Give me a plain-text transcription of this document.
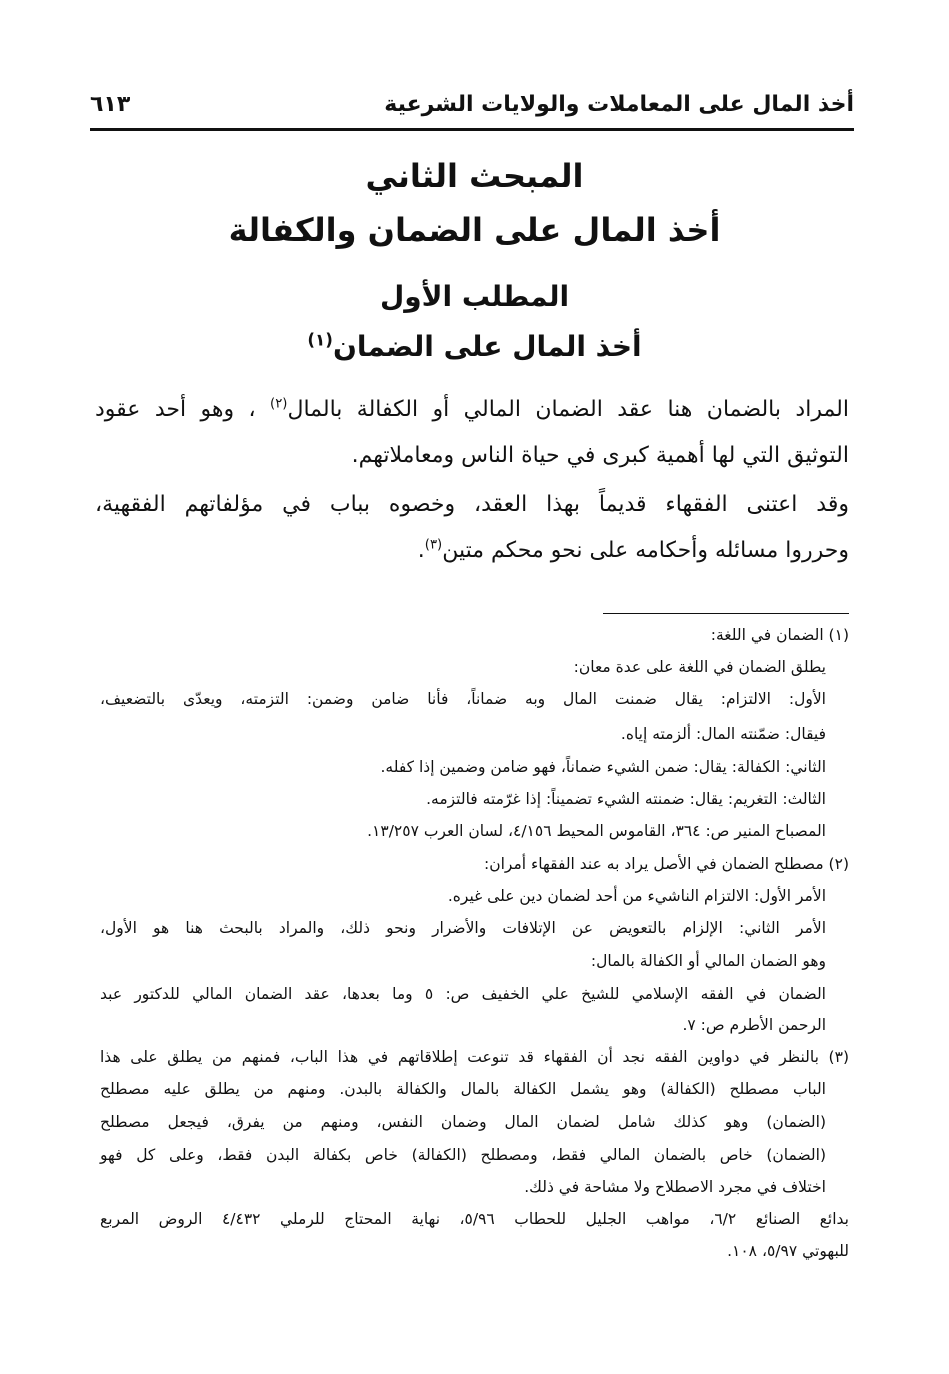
أخذ المال على المعاملات والولايات الشرعية
٦١٣
المبحث الثاني
أخذ المال على الضمان والكفالة
المطلب الأول
أخذ المال على الضمان$^{(١)}$
المراد بالضمان هنا عقد الضمان المالي أو الكفالة بالمال$^{(٢)}$ ، وهو أحد عقود
التوثيق التي لها أهمية كبرى في حياة الناس ومعاملاتهم.
وقد اعتنى الفقهاء قديماً بهذا العقد، وخصوه بباب في مؤلفاتهم الفقهية،
وحرروا مسائله وأحكامه على نحو محكم متين$^{(٣)}$.
(١) الضمان في اللغة:
يطلق الضمان في اللغة على عدة معان:
الأول: الالتزام: يقال ضمنت المال وبه ضماناً، فأنا ضامن وضمن: التزمته، ويعدّى بالتضعيف،
فيقال: ضمّنته المال: ألزمته إياه.
الثاني: الكفالة: يقال: ضمن الشيء ضماناً، فهو ضامن وضمين إذا كفله.
الثالث: التغريم: يقال: ضمنته الشيء تضميناً: إذا غرّمته فالتزمه.
المصباح المنير ص: ٣٦٤، القاموس المحيط ٤/١٥٦، لسان العرب ١٣/٢٥٧.
(٢) مصطلح الضمان في الأصل يراد به عند الفقهاء أمران:
الأمر الأول: الالتزام الناشيء من أحد لضمان دين على غيره.
الأمر الثاني: الإلزام بالتعويض عن الإتلافات والأضرار ونحو ذلك، والمراد بالبحث هنا هو الأول،
وهو الضمان المالي أو الكفالة بالمال:
الضمان في الفقه الإسلامي للشيخ علي الخفيف ص: ٥ وما بعدها، عقد الضمان المالي للدكتور عبد
الرحمن الأطرم ص: ٧.
(٣) بالنظر في دواوين الفقه نجد أن الفقهاء قد تنوعت إطلاقاتهم في هذا الباب، فمنهم من يطلق على هذا
الباب مصطلح (الكفالة) وهو يشمل الكفالة بالمال والكفالة بالبدن. ومنهم من يطلق عليه مصطلح
(الضمان) وهو كذلك شامل لضمان المال وضمان النفس، ومنهم من يفرق، فيجعل مصطلح
(الضمان) خاص بالضمان المالي فقط، ومصطلح (الكفالة) خاص بكفالة البدن فقط، وعلى كل فهو
اختلاف في مجرد الاصطلاح ولا مشاحة في ذلك.
بدائع الصنائع ٦/٢، مواهب الجليل للحطاب ٥/٩٦، نهاية المحتاج للرملي ٤/٤٣٢ الروض المربع
للبهوتي ٥/٩٧، ١٠٨.
